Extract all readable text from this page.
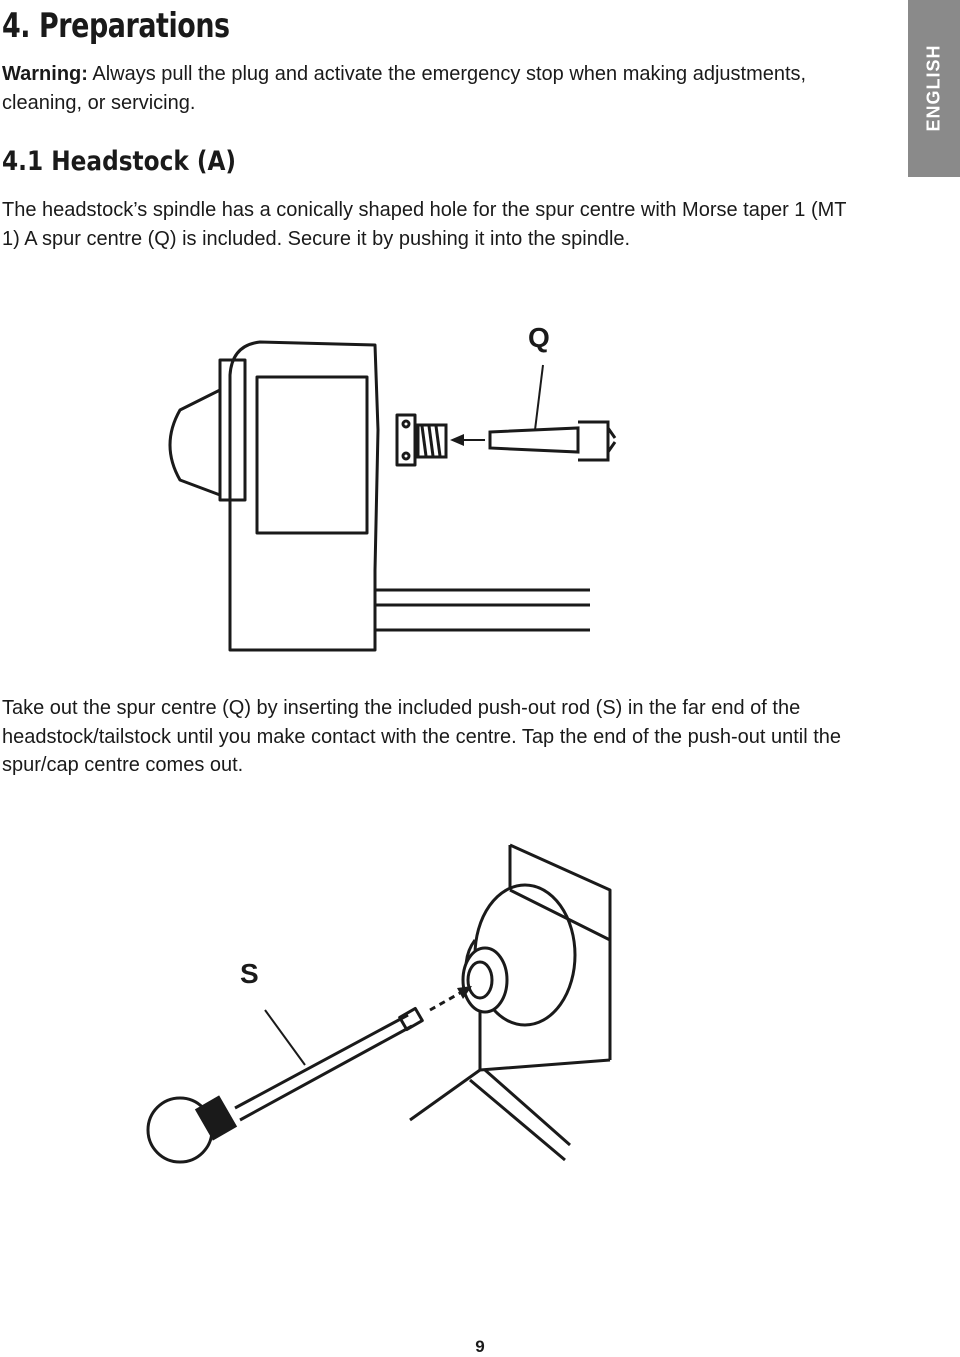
4. Preparations

Warning: Always pull the plug and activate the emergency stop when making adjustments, cleaning, or servicing.

4.1 Headstock (A)

The headstock’s spindle has a conically shaped hole for the spur centre with Morse taper 1 (MT 1) A spur centre (Q) is included. Secure it by pushing it into the spindle.

ENGLISH
Q

Take out the spur centre (Q) by inserting the included push-out rod (S) in the far end of the headstock/tailstock until you make contact with the centre. Tap the end of the push-out until the spur/cap centre comes out.

S
9
